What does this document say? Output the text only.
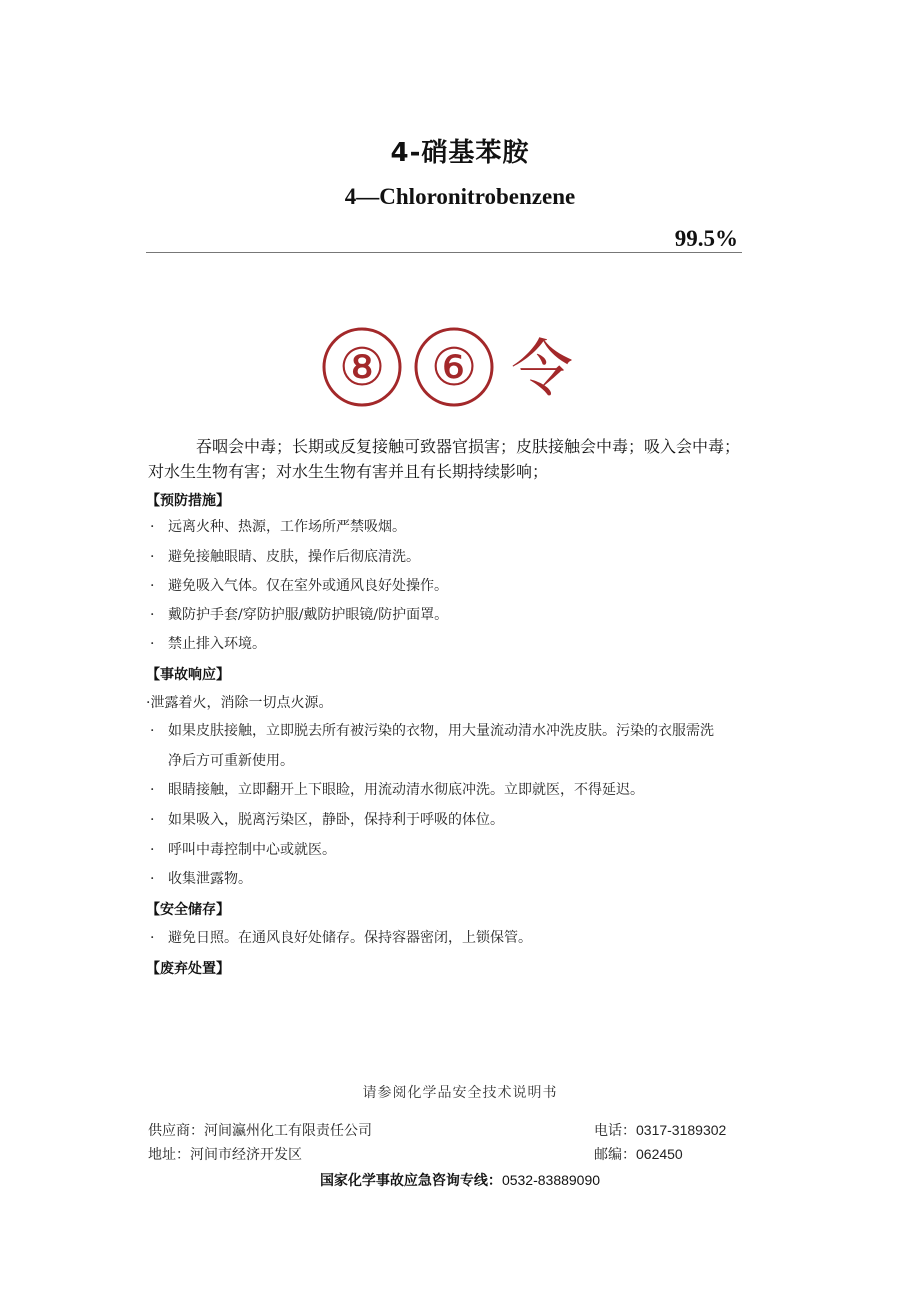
4-硝基苯胺
4—Chloronitrobenzene
99.5%
⑧ ⑥ 令
吞咽会中毒；长期或反复接触可致器官损害；皮肤接触会中毒；吸入会中毒；
对水生生物有害；对水生生物有害并且有长期持续影响；
【预防措施】
· 远离火种、热源，工作场所严禁吸烟。
· 避免接触眼睛、皮肤，操作后彻底清洗。
· 避免吸入气体。仅在室外或通风良好处操作。
· 戴防护手套/穿防护服/戴防护眼镜/防护面罩。
· 禁止排入环境。
【事故响应】
·泄露着火，消除一切点火源。
· 如果皮肤接触，立即脱去所有被污染的衣物，用大量流动清水冲洗皮肤。污染的衣服需洗
净后方可重新使用。
· 眼睛接触，立即翻开上下眼睑，用流动清水彻底冲洗。立即就医，不得延迟。
· 如果吸入，脱离污染区，静卧，保持利于呼吸的体位。
· 呼叫中毒控制中心或就医。
· 收集泄露物。
【安全储存】
· 避免日照。在通风良好处储存。保持容器密闭，上锁保管。
【废弃处置】
请参阅化学品安全技术说明书
供应商：河间瀛州化工有限责任公司	电话：0317-3189302
地址：河间市经济开发区	邮编：062450
国家化学事故应急咨询专线：0532-83889090
